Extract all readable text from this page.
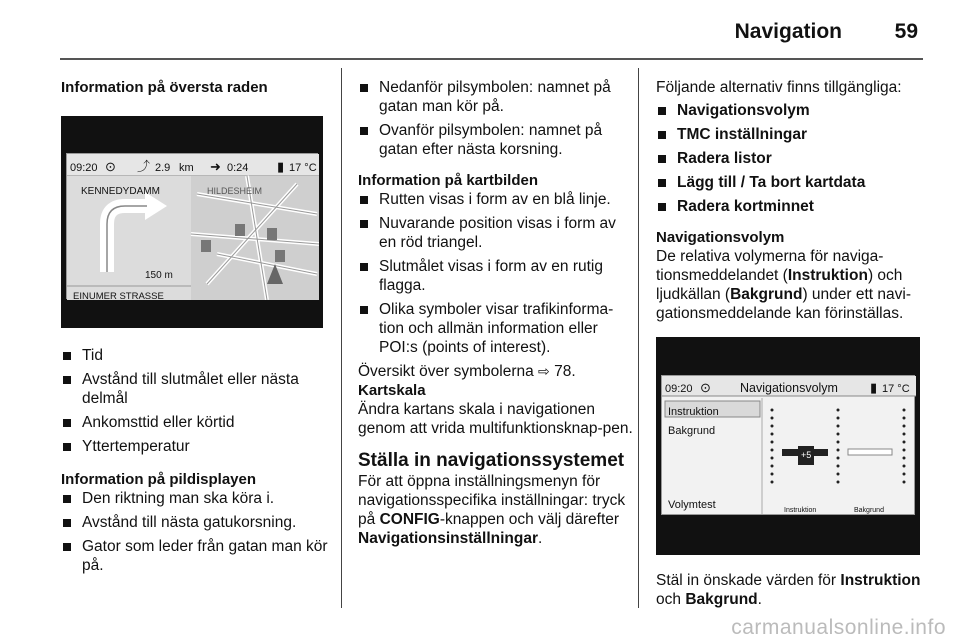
Navigation	59

Information på översta raden

09:20 ⊙ ⤴ 2.9 km ➜ 0:24 ▮ 17 °C
KENNEDYDAMM	HILDESHEIM
150 m
EINUMER STRASSE
Tid
Avstånd till slutmålet eller nästa delmål
Ankomsttid eller körtid
Yttertemperatur

Information på pildisplayen

Den riktning man ska köra i.
Avstånd till nästa gatukorsning.
Gator som leder från gatan man kör på.
Nedanför pilsymbolen: namnet på gatan man kör på.
Ovanför pilsymbolen: namnet på gatan efter nästa korsning.

Information på kartbilden

Rutten visas i form av en blå linje.
Nuvarande position visas i form av en röd triangel.
Slutmålet visas i form av en rutig flagga.
Olika symboler visar trafikinforma-tion och allmän information eller POI:s (points of interest).

Översikt över symbolerna ⇨ 78.

Kartskala

Ändra kartans skala i navigationen genom att vrida multifunktionsknap-pen.

Ställa in navigationssystemet

För att öppna inställningsmenyn för navigationsspecifika inställningar: tryck på CONFIG-knappen och välj därefter Navigationsinställningar.

Följande alternativ finns tillgängliga:

Navigationsvolym
TMC inställningar
Radera listor
Lägg till / Ta bort kartdata
Radera kortminnet

Navigationsvolym

De relativa volymerna för naviga-tionsmeddelandet (Instruktion) och ljudkällan (Bakgrund) under ett navi-gationsmeddelande kan förinställas.

09:20 ⊙ Navigationsvolym ▮ 17 °C
Instruktion
Bakgrund
Volymtest
+5
Instruktion	Bakgrund

Stäl in önskade värden för Instruktion och Bakgrund.

carmanualsonline.info
